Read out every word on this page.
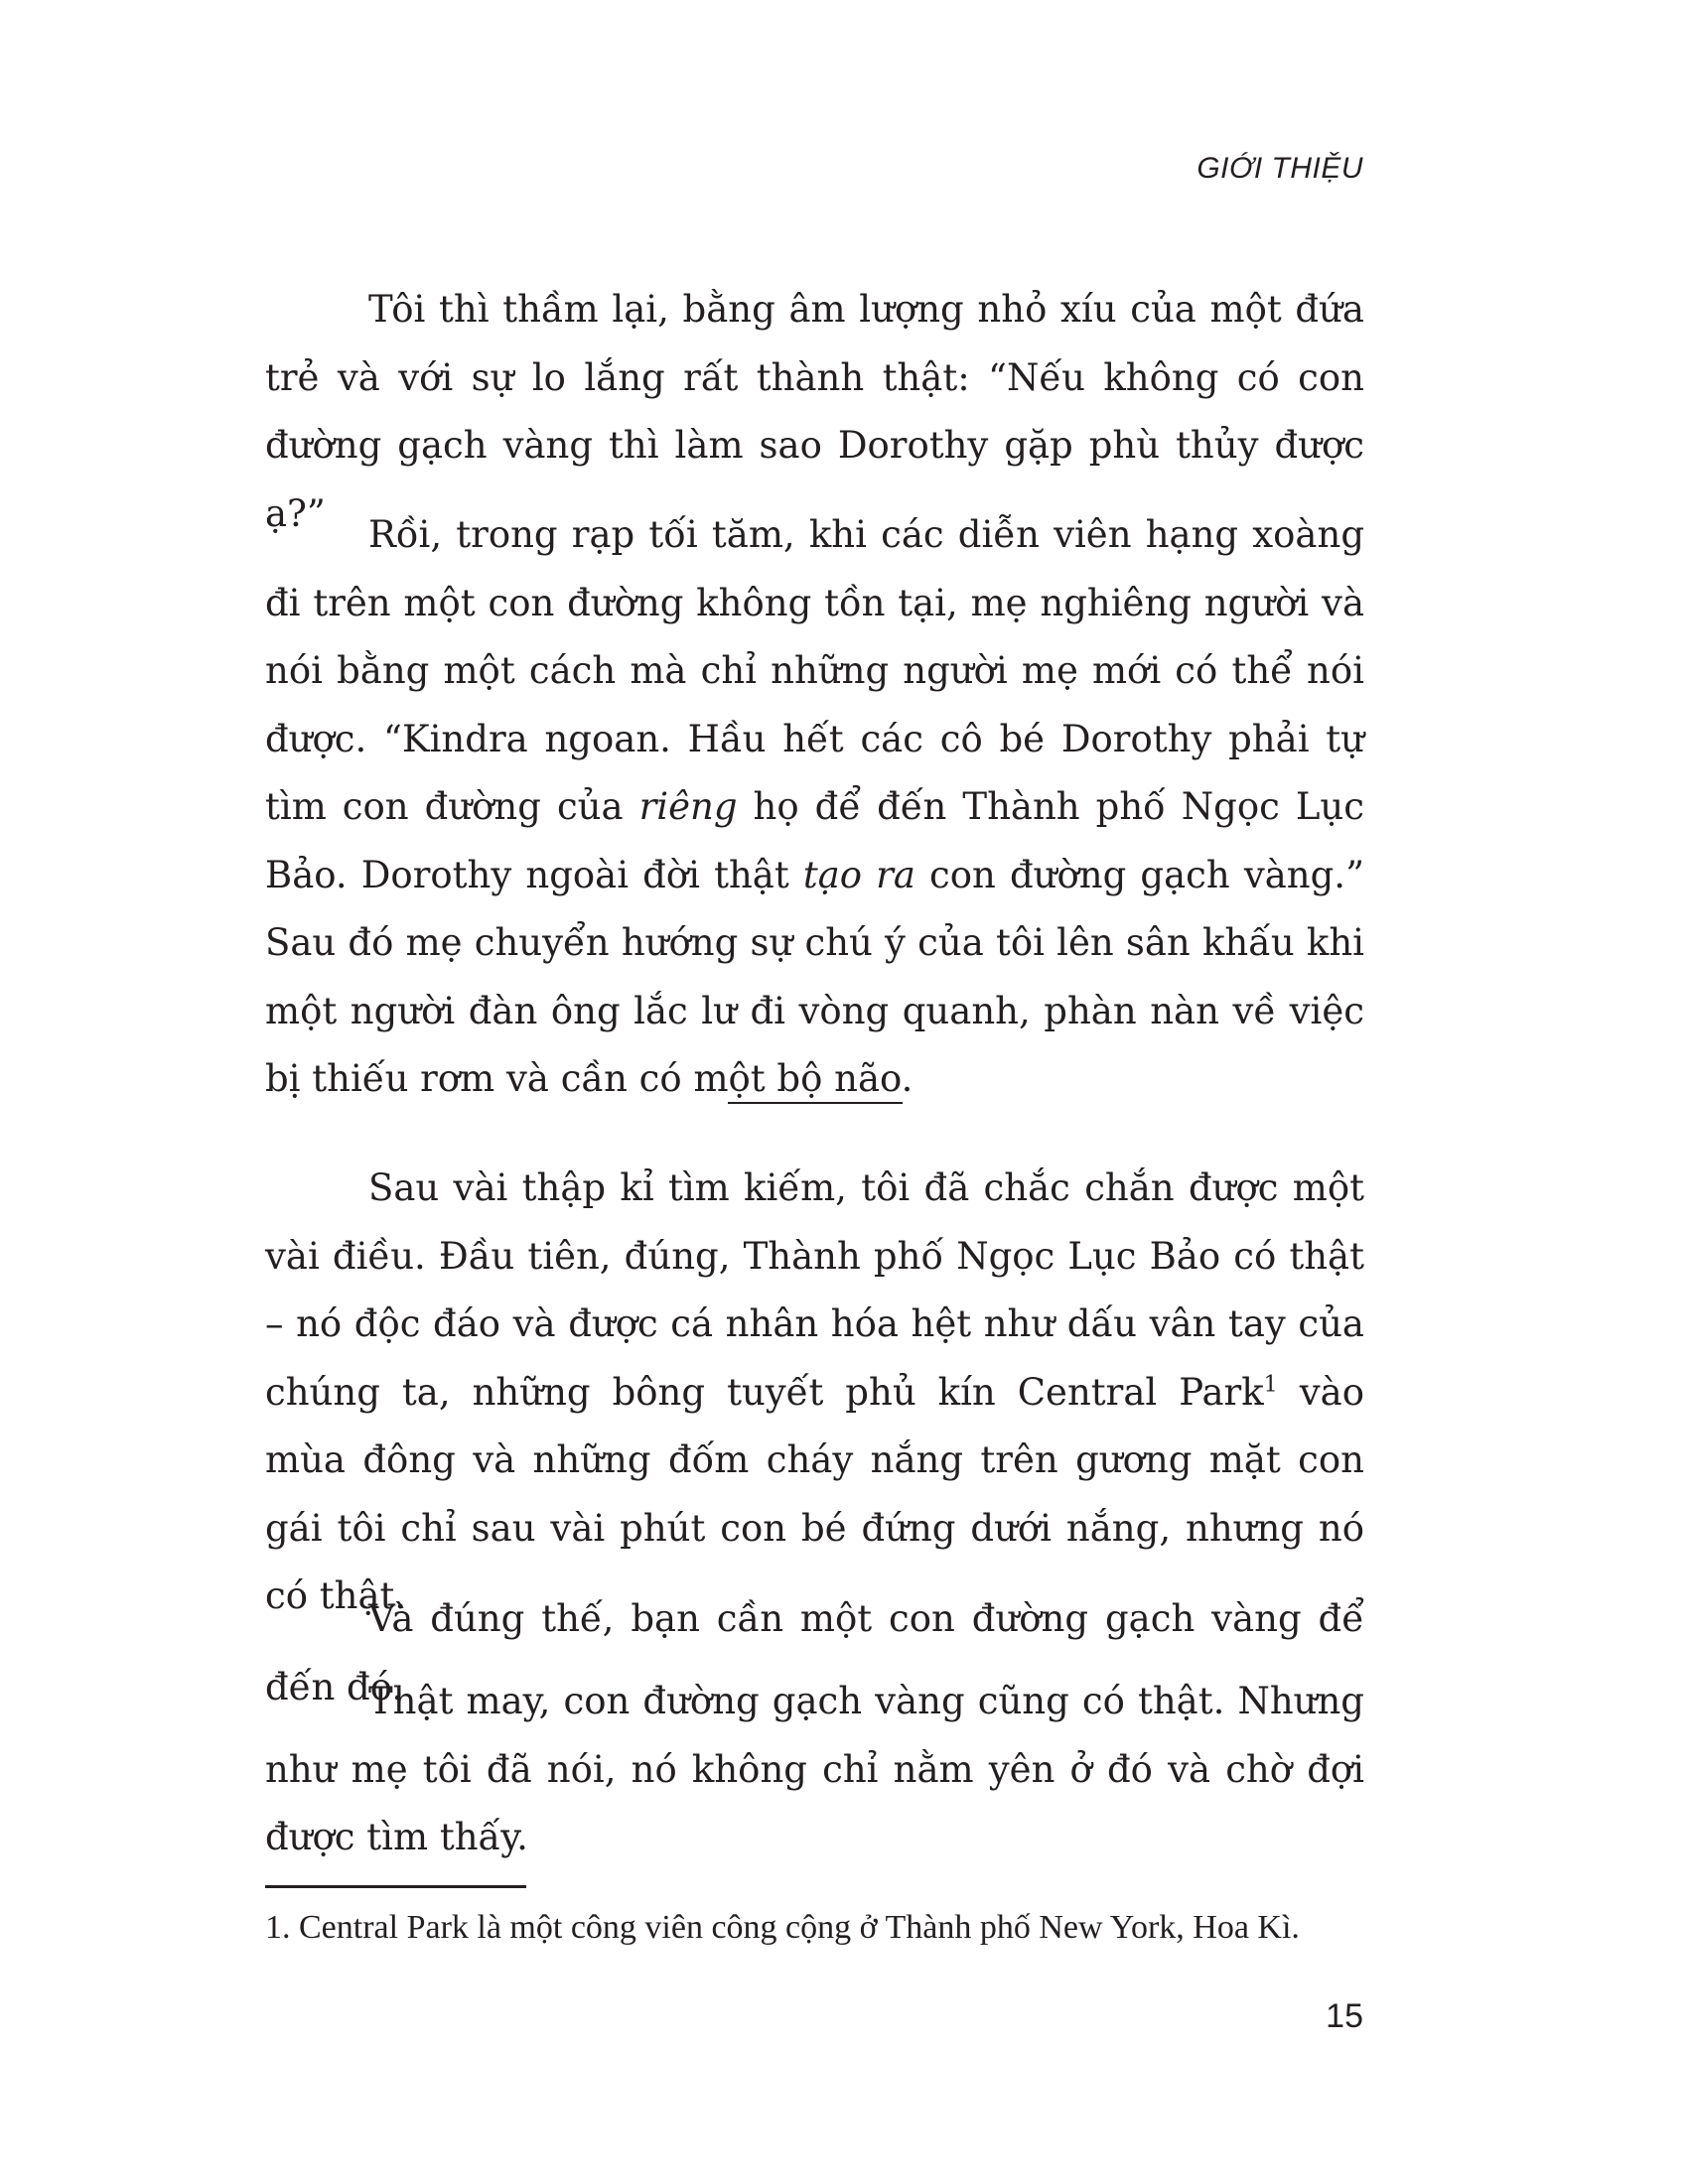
GIỚI THIỆU

Tôi thì thầm lại, bằng âm lượng nhỏ xíu của một đứa trẻ và với sự lo lắng rất thành thật: “Nếu không có con đường gạch vàng thì làm sao Dorothy gặp phù thủy được ạ?”	Rồi, trong rạp tối tăm, khi các diễn viên hạng xoàng đi trên một con đường không tồn tại, mẹ nghiêng người và nói bằng một cách mà chỉ những người mẹ mới có thể nói được. “Kindra ngoan. Hầu hết các cô bé Dorothy phải tự tìm con đường của riêng họ để đến Thành phố Ngọc Lục Bảo. Dorothy ngoài đời thật tạo ra con đường gạch vàng.” Sau đó mẹ chuyển hướng sự chú ý của tôi lên sân khấu khi một người đàn ông lắc lư đi vòng quanh, phàn nàn về việc bị thiếu rơm và cần có một bộ não.

Sau vài thập kỉ tìm kiếm, tôi đã chắc chắn được một vài điều. Đầu tiên, đúng, Thành phố Ngọc Lục Bảo có thật – nó độc đáo và được cá nhân hóa hệt như dấu vân tay của chúng ta, những bông tuyết phủ kín Central Park$^1$ vào mùa đông và những đốm cháy nắng trên gương mặt con gái tôi chỉ sau vài phút con bé đứng dưới nắng, nhưng nó có thật.

Và đúng thế, bạn cần một con đường gạch vàng để đến đó.

Thật may, con đường gạch vàng cũng có thật. Nhưng như mẹ tôi đã nói, nó không chỉ nằm yên ở đó và chờ đợi được tìm thấy.

1. Central Park là một công viên công cộng ở Thành phố New York, Hoa Kì.

15
